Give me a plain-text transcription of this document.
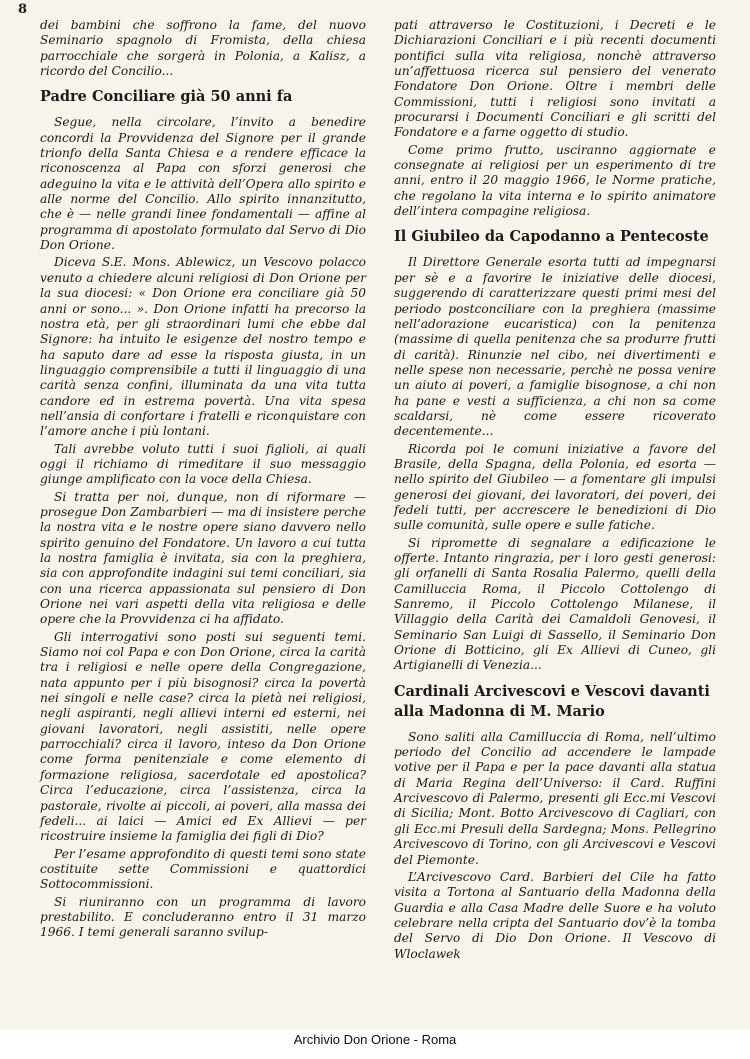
8

dei bambini che soffrono la fame, del nuovo Seminario spagnolo di Fromista, della chiesa parrocchiale che sorgerà in Polonia, a Kalisz, a ricordo del Concilio...

Padre Conciliare già 50 anni fa

Segue, nella circolare, l’invito a benedire concordi la Provvidenza del Signore per il grande trionfo della Santa Chiesa e a rendere efficace la riconoscenza al Papa con sforzi generosi che adeguino la vita e le attività dell’Opera allo spirito e alle norme del Concilio. Allo spirito innanzitutto, che è — nelle grandi linee fondamentali — affine al programma di apostolato formulato dal Servo di Dio Don Orione.

Diceva S.E. Mons. Ablewicz, un Vescovo polacco venuto a chiedere alcuni religiosi di Don Orione per la sua diocesi: « Don Orione era conciliare già 50 anni or sono... ». Don Orione infatti ha precorso la nostra età, per gli straordinari lumi che ebbe dal Signore: ha intuito le esigenze del nostro tempo e ha saputo dare ad esse la risposta giusta, in un linguaggio comprensibile a tutti il linguaggio di una carità senza confini, illuminata da una vita tutta candore ed in estrema povertà. Una vita spesa nell’ansia di confortare i fratelli e riconquistare con l’amore anche i più lontani.

Tali avrebbe voluto tutti i suoi figlioli, ai quali oggi il richiamo di rimeditare il suo messaggio giunge amplificato con la voce della Chiesa.

Si tratta per noi, dunque, non di riformare — prosegue Don Zambarbieri — ma di insistere perche la nostra vita e le nostre opere siano davvero nello spirito genuino del Fondatore. Un lavoro a cui tutta la nostra famiglia è invitata, sia con la preghiera, sia con approfondite indagini sui temi conciliari, sia con una ricerca appassionata sul pensiero di Don Orione nei vari aspetti della vita religiosa e delle opere che la Provvidenza ci ha affidato.

Gli interrogativi sono posti sui seguenti temi. Siamo noi col Papa e con Don Orione, circa la carità tra i religiosi e nelle opere della Congregazione, nata appunto per i più bisognosi? circa la povertà nei singoli e nelle case? circa la pietà nei religiosi, negli aspiranti, negli allievi interni ed esterni, nei giovani lavoratori, negli assistiti, nelle opere parrocchiali? circa il lavoro, inteso da Don Orione come forma penitenziale e come elemento di formazione religiosa, sacerdotale ed apostolica? Circa l’educazione, circa l’assistenza, circa la pastorale, rivolte ai piccoli, ai poveri, alla massa dei fedeli... ai laici — Amici ed Ex Allievi — per ricostruire insieme la famiglia dei figli di Dio?

Per l’esame approfondito di questi temi sono state costituite sette Commissioni e quattordici Sottocommissioni.

Si riuniranno con un programma di lavoro prestabilito. E concluderanno entro il 31 marzo 1966. I temi generali saranno svilup-

pati attraverso le Costituzioni, i Decreti e le Dichiarazioni Conciliari e i più recenti documenti pontifici sulla vita religiosa, nonchè attraverso un’affettuosa ricerca sul pensiero del venerato Fondatore Don Orione. Oltre i membri delle Commissioni, tutti i religiosi sono invitati a procurarsi i Documenti Conciliari e gli scritti del Fondatore e a farne oggetto di studio.

Come primo frutto, usciranno aggiornate e consegnate ai religiosi per un esperimento di tre anni, entro il 20 maggio 1966, le Norme pratiche, che regolano la vita interna e lo spirito animatore dell’intera compagine religiosa.

Il Giubileo da Capodanno a Pentecoste

Il Direttore Generale esorta tutti ad impegnarsi per sè e a favorire le iniziative delle diocesi, suggerendo di caratterizzare questi primi mesi del periodo postconciliare con la preghiera (massime nell’adorazione eucaristica) con la penitenza (massime di quella penitenza che sa produrre frutti di carità). Rinunzie nel cibo, nei divertimenti e nelle spese non necessarie, perchè ne possa venire un aiuto ai poveri, a famiglie bisognose, a chi non ha pane e vesti a sufficienza, a chi non sa come scaldarsi, nè come essere ricoverato decentemente...

Ricorda poi le comuni iniziative a favore del Brasile, della Spagna, della Polonia, ed esorta — nello spirito del Giubileo — a fomentare gli impulsi generosi dei giovani, dei lavoratori, dei poveri, dei fedeli tutti, per accrescere le benedizioni di Dio sulle comunità, sulle opere e sulle fatiche.

Si ripromette di segnalare a edificazione le offerte. Intanto ringrazia, per i loro gesti generosi: gli orfanelli di Santa Rosalia Palermo, quelli della Camilluccia Roma, il Piccolo Cottolengo di Sanremo, il Piccolo Cottolengo Milanese, il Villaggio della Carità dei Camaldoli Genovesi, il Seminario San Luigi di Sassello, il Seminario Don Orione di Botticino, gli Ex Allievi di Cuneo, gli Artigianelli di Venezia...

Cardinali Arcivescovi e Vescovi davanti alla Madonna di M. Mario

Sono saliti alla Camilluccia di Roma, nell’ultimo periodo del Concilio ad accendere le lampade votive per il Papa e per la pace davanti alla statua di Maria Regina dell’Universo: il Card. Ruffini Arcivescovo di Palermo, presenti gli Ecc.mi Vescovi di Sicilia; Mont. Botto Arcivescovo di Cagliari, con gli Ecc.mi Presuli della Sardegna; Mons. Pellegrino Arcivescovo di Torino, con gli Arcivescovi e Vescovi del Piemonte.

L’Arcivescovo Card. Barbieri del Cile ha fatto visita a Tortona al Santuario della Madonna della Guardia e alla Casa Madre delle Suore e ha voluto celebrare nella cripta del Santuario dov’è la tomba del Servo di Dio Don Orione. Il Vescovo di Wloclawek

Archivio Don Orione - Roma
